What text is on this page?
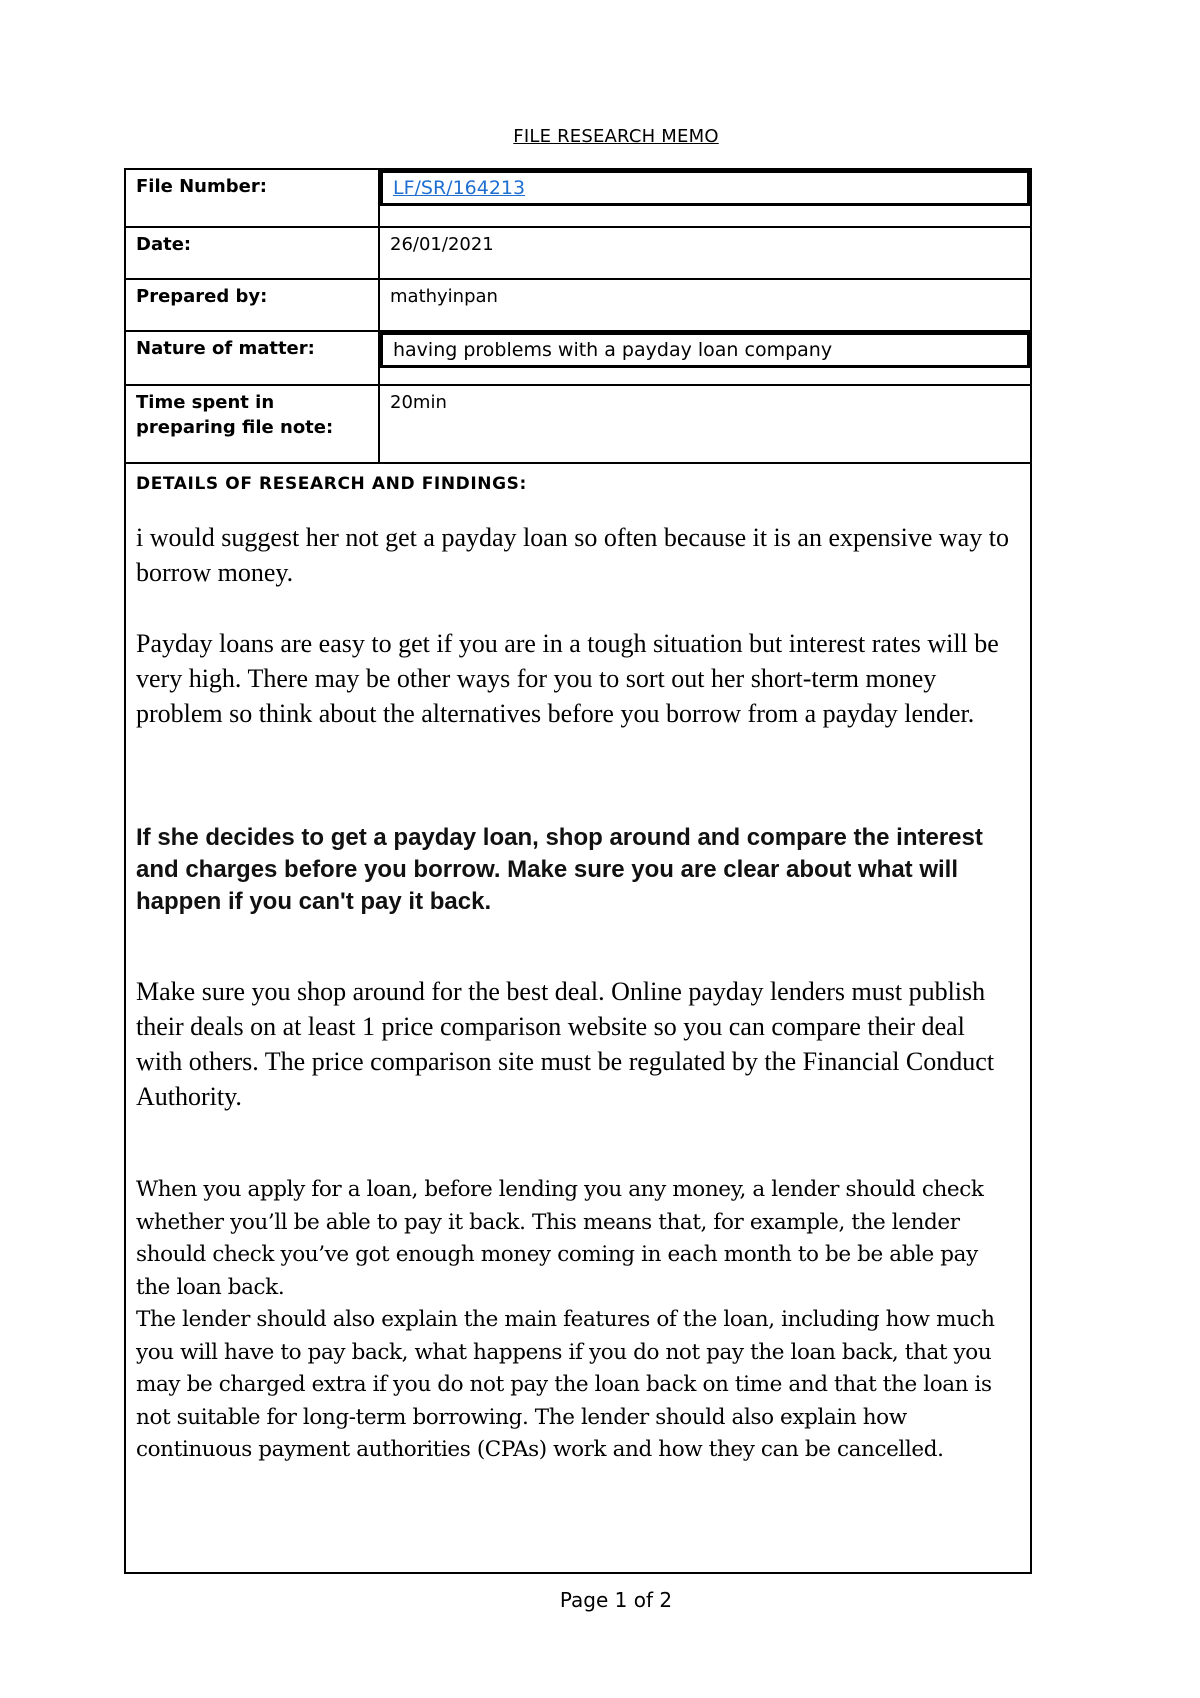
FILE RESEARCH MEMO
File Number:	LF/SR/164213

Date:	26/01/2021
Prepared by:	mathyinpan
Nature of matter:	having problems with a payday loan company

Time spent in preparing file note:	20min
DETAILS OF RESEARCH AND FINDINGS:
i would suggest her not get a payday loan so often because it is an expensive way to borrow money.
Payday loans are easy to get if you are in a tough situation but interest rates will be very high. There may be other ways for you to sort out her short-term money problem so think about the alternatives before you borrow from a payday lender.
If she decides to get a payday loan, shop around and compare the interest and charges before you borrow. Make sure you are clear about what will happen if you can't pay it back.
Make sure you shop around for the best deal. Online payday lenders must publish their deals on at least 1 price comparison website so you can compare their deal with others. The price comparison site must be regulated by the Financial Conduct Authority.
When you apply for a loan, before lending you any money, a lender should check whether you’ll be able to pay it back. This means that, for example, the lender should check you’ve got enough money coming in each month to be be able pay the loan back.
The lender should also explain the main features of the loan, including how much you will have to pay back, what happens if you do not pay the loan back, that you may be charged extra if you do not pay the loan back on time and that the loan is not suitable for long-term borrowing. The lender should also explain how continuous payment authorities (CPAs) work and how they can be cancelled.
Page 1 of 2
